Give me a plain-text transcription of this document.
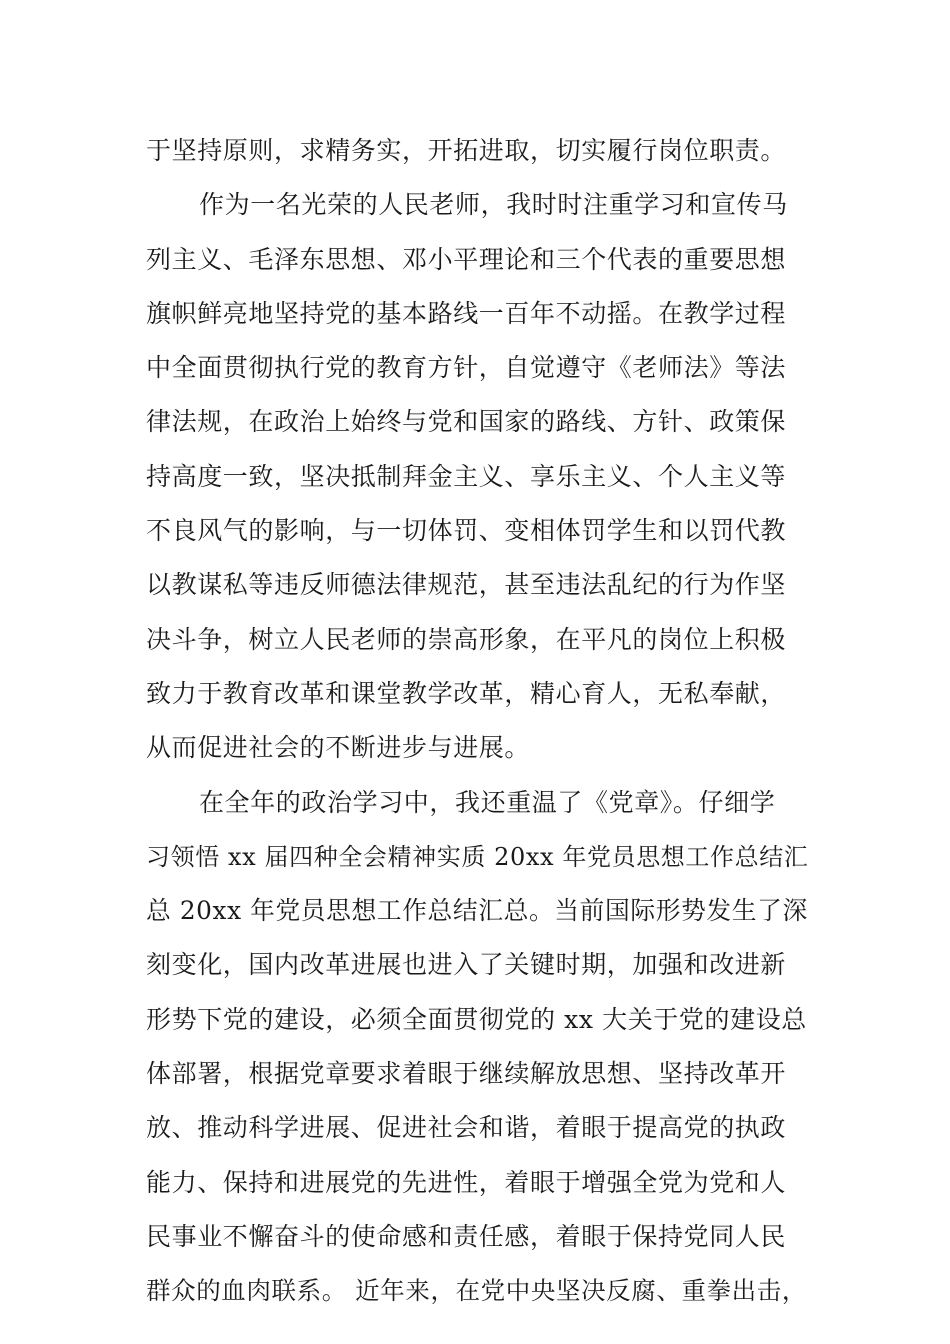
于坚持原则，求精务实，开拓进取，切实履行岗位职责。
作为一名光荣的人民老师，我时时注重学习和宣传马
列主义、毛泽东思想、邓小平理论和三个代表的重要思想
旗帜鲜亮地坚持党的基本路线一百年不动摇。在教学过程
中全面贯彻执行党的教育方针，自觉遵守《老师法》等法
律法规，在政治上始终与党和国家的路线、方针、政策保
持高度一致，坚决抵制拜金主义、享乐主义、个人主义等
不良风气的影响，与一切体罚、变相体罚学生和以罚代教
以教谋私等违反师德法律规范，甚至违法乱纪的行为作坚
决斗争，树立人民老师的崇高形象，在平凡的岗位上积极
致力于教育改革和课堂教学改革，精心育人，无私奉献，
从而促进社会的不断进步与进展。
在全年的政治学习中，我还重温了《党章》。仔细学
习领悟 xx 届四种全会精神实质 20xx 年党员思想工作总结汇
总 20xx 年党员思想工作总结汇总。当前国际形势发生了深
刻变化，国内改革进展也进入了关键时期，加强和改进新
形势下党的建设，必须全面贯彻党的 xx 大关于党的建设总
体部署，根据党章要求着眼于继续解放思想、坚持改革开
放、推动科学进展、促进社会和谐，着眼于提高党的执政
能力、保持和进展党的先进性，着眼于增强全党为党和人
民事业不懈奋斗的使命感和责任感，着眼于保持党同人民
群众的血肉联系。 近年来，在党中央坚决反腐、重拳出击，
